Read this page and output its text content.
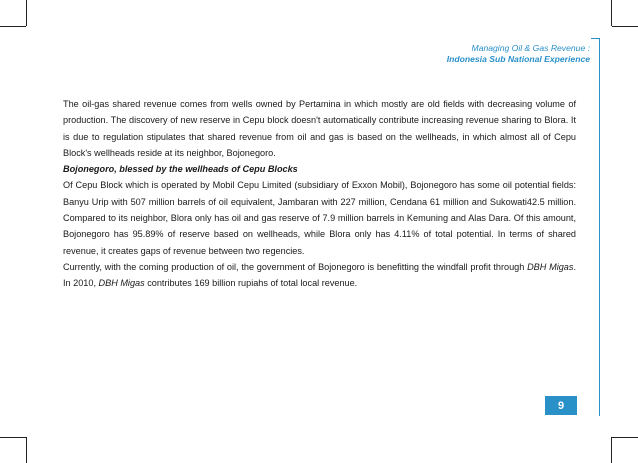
Managing Oil & Gas Revenue :
Indonesia Sub National Experience

The oil-gas shared revenue comes from wells owned by Pertamina in which mostly are old fields with decreasing volume of production. The discovery of new reserve in Cepu block doesn't automatically contribute increasing revenue sharing to Blora. It is due to regulation stipulates that shared revenue from oil and gas is based on the wellheads, in which almost all of Cepu Block's wellheads reside at its neighbor, Bojonegoro.

Bojonegoro, blessed by the wellheads of Cepu Blocks

Of Cepu Block which is operated by Mobil Cepu Limited (subsidiary of Exxon Mobil), Bojonegoro has some oil potential fields: Banyu Urip with 507 million barrels of oil equivalent, Jambaran with 227 million, Cendana 61 million and Sukowati42.5 million. Compared to its neighbor, Blora only has oil and gas reserve of 7.9 million barrels in Kemuning and Alas Dara. Of this amount, Bojonegoro has 95.89% of reserve based on wellheads, while Blora only has 4.11% of total potential. In terms of shared revenue, it creates gaps of revenue between two regencies.

Currently, with the coming production of oil, the government of Bojonegoro is benefitting the windfall profit through DBH Migas. In 2010, DBH Migas contributes 169 billion rupiahs of total local revenue.

9
